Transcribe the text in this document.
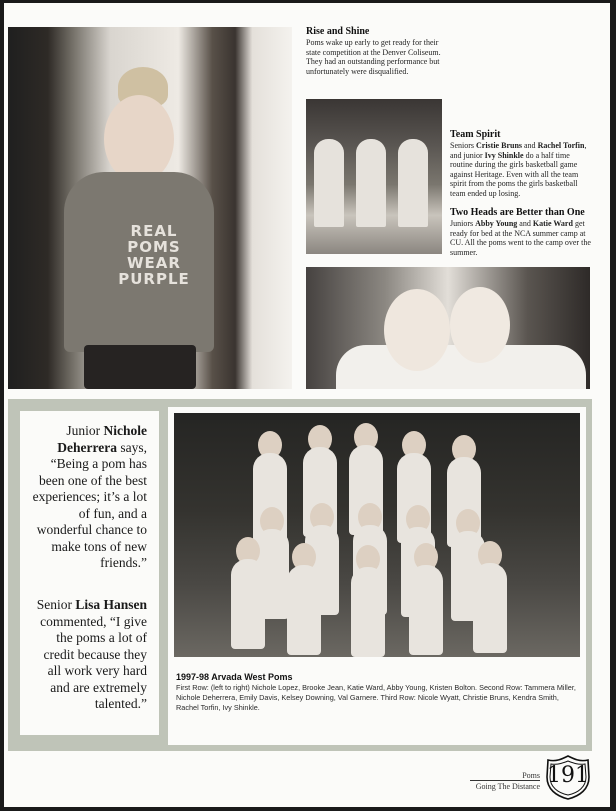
REAL
POMS
WEAR
PURPLE
Rise and Shine
Poms wake up early to get ready for their state competition at the Denver Coliseum. They had an outstanding performance but unfortunately were disqualified.
Team Spirit
Seniors Cristie Bruns and Rachel Torfin, and junior Ivy Shinkle do a half time routine during the girls basketball game against Heritage. Even with all the team spirit from the poms the girls basketball team ended up losing.
Two Heads are Better than One
Juniors Abby Young and Katie Ward get ready for bed at the NCA summer camp at CU. All the poms went to the camp over the summer.
Junior Nichole Deherrera says, “Being a pom has been one of the best experiences; it’s a lot of fun, and a wonderful chance to make tons of new friends.”
Senior Lisa Hansen commented, “I give the poms a lot of credit because they all work very hard and are extremely talented.”
1997-98 Arvada West Poms
First Row: (left to right) Nichole Lopez, Brooke Jean, Katie Ward, Abby Young, Kristen Bolton. Second Row: Tammera Miller, Nichole Deherrera, Emily Davis, Kelsey Downing, Val Garnere. Third Row: Nicole Wyatt, Christie Bruns, Kendra Smith, Rachel Torfin, Ivy Shinkle.
Poms
Going The Distance 191
